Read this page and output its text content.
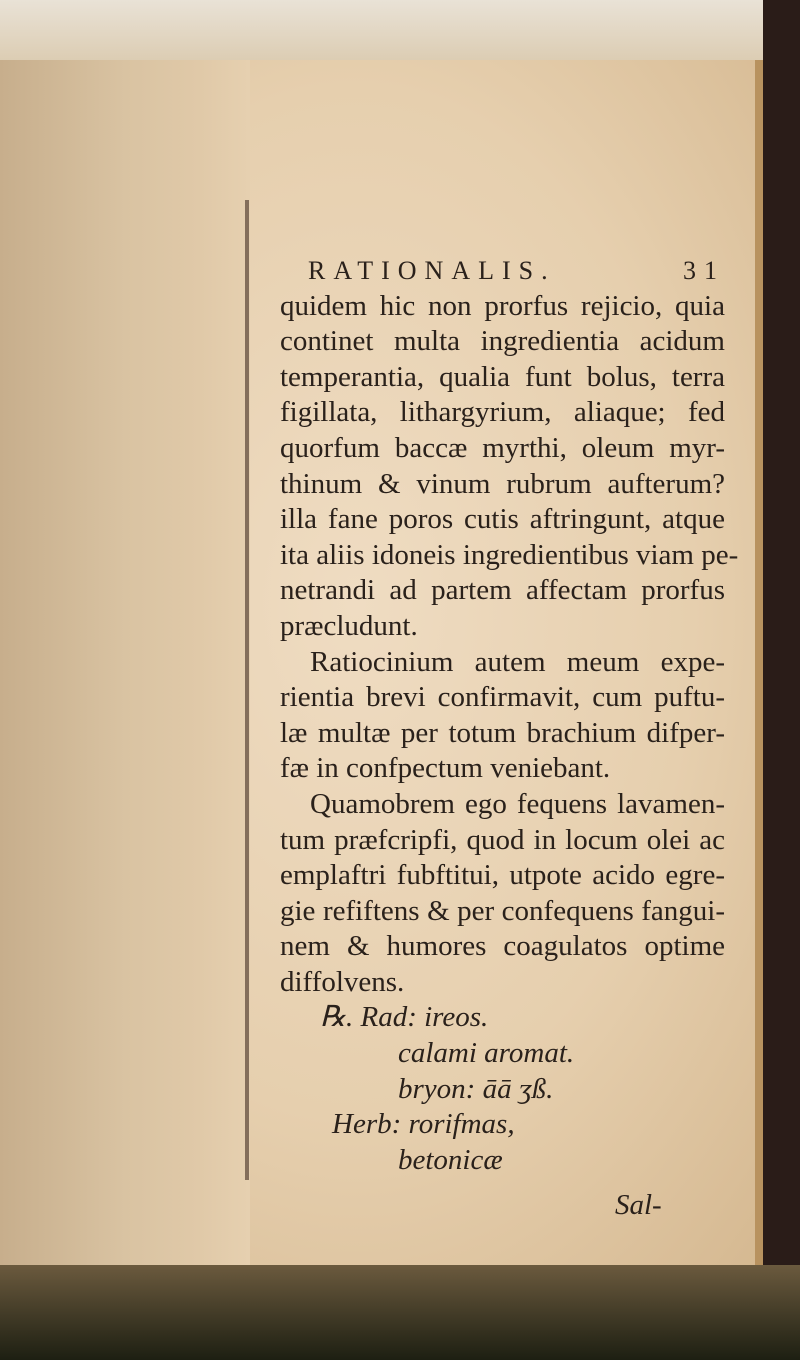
RATIONALIS.	31
quidem hic non prorfus rejicio, quia
continet multa ingredientia acidum
temperantia, qualia funt bolus, terra
figillata, lithargyrium, aliaque; fed
quorfum baccæ myrthi, oleum myr-
thinum & vinum rubrum aufterum?
illa fane poros cutis aftringunt, atque
ita aliis idoneis ingredientibus viam pe-
netrandi ad partem affectam prorfus
præcludunt.
Ratiocinium autem meum expe-
rientia brevi confirmavit, cum puftu-
læ multæ per totum brachium difper-
fæ in confpectum veniebant.
Quamobrem ego fequens lavamen-
tum præfcripfi, quod in locum olei ac
emplaftri fubftitui, utpote acido egre-
gie refiftens & per confequens fangui-
nem & humores coagulatos optime
diffolvens.
℞. Rad: ireos.
calami aromat.
bryon: āā ʒß.
Herb: rorifmas,
betonicæ
Sal-
